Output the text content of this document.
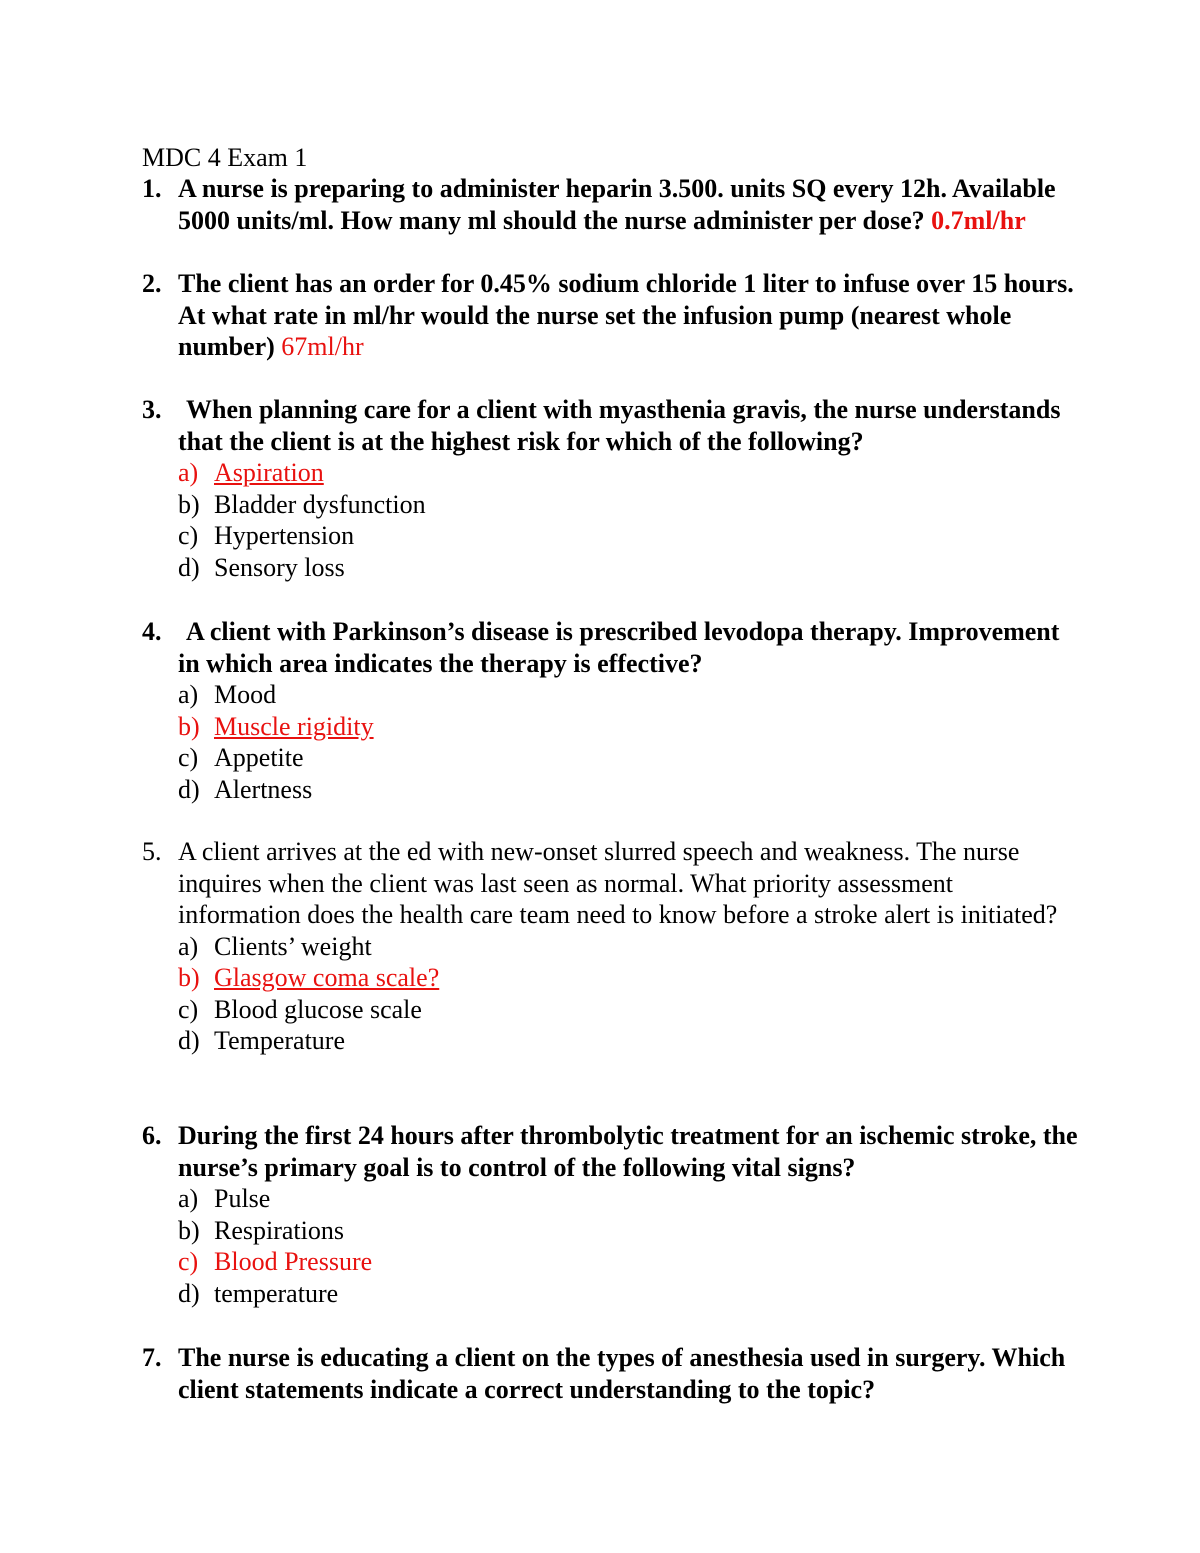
MDC 4 Exam 1
1. A nurse is preparing to administer heparin 3.500. units SQ every 12h. Available 5000 units/ml. How many ml should the nurse administer per dose? 0.7ml/hr
2. The client has an order for 0.45% sodium chloride 1 liter to infuse over 15 hours. At what rate in ml/hr would the nurse set the infusion pump (nearest whole number) 67ml/hr
3. When planning care for a client with myasthenia gravis, the nurse understands that the client is at the highest risk for which of the following?
a) Aspiration
b) Bladder dysfunction
c) Hypertension
d) Sensory loss
4. A client with Parkinson’s disease is prescribed levodopa therapy. Improvement in which area indicates the therapy is effective?
a) Mood
b) Muscle rigidity
c) Appetite
d) Alertness
5. A client arrives at the ed with new-onset slurred speech and weakness. The nurse inquires when the client was last seen as normal. What priority assessment information does the health care team need to know before a stroke alert is initiated?
a) Clients’ weight
b) Glasgow coma scale?
c) Blood glucose scale
d) Temperature
6. During the first 24 hours after thrombolytic treatment for an ischemic stroke, the nurse’s primary goal is to control of the following vital signs?
a) Pulse
b) Respirations
c) Blood Pressure
d) temperature
7. The nurse is educating a client on the types of anesthesia used in surgery. Which client statements indicate a correct understanding to the topic?
